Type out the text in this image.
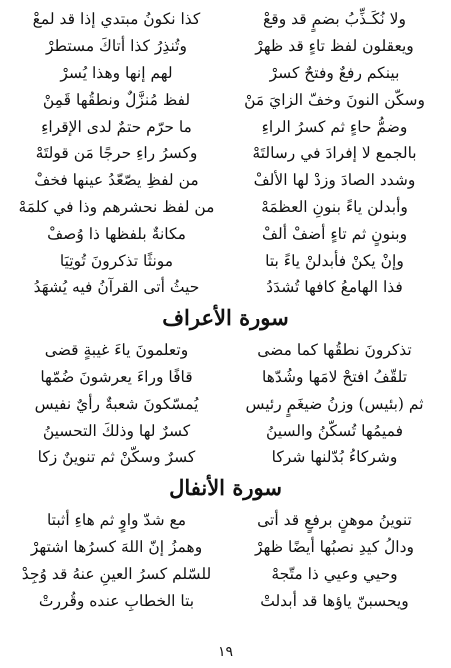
ولا نُكَـذِّبُ بضمٍ قد وقعْ
كذا نكونُ مبتدي إذا قد لمعْ
ويعقلون لفظ تاءٍ قد ظهرْ
وتُنذِرُ كذا أتاكَ مستطرْ
بينكم رفعٌ وفتحٌ كسرْ
لهم إنها وهذا يُسرْ
وسكّن النونَ وخفّ الزايَ مَنْ
لفظ مُنزَّلٌ ونطقُها قَمِنْ
وضمُّ حاءٍ ثم كسرُ الراءِ
ما حرّم حتمٌ لدى الإقراءِ
بالجمع لا إفرادَ في رسالتَهْ
وكسرُ راءِ حرجًا مَن قولتَهْ
وشدد الصادَ وزدْ لها الألفْ
من لفظِ يصّعّدُ عينها فخفْ
وأبدلن ياءً بنونِ العظمَهْ
من لفظ نحشرهم وذا في كلمَهْ
وبنونٍ ثم تاءٍ أضفْ ألفْ
مكانةٌ بلفظها ذا وُصفْ
وإنْ يكنْ فأبدلنْ ياءً بتا
مونثًا تذكرونَ تُوتِيَا
فذا الهامعُ كافها تُشدَدُ
حيثُ أتى القرآنُ فيه يُشهَدُ
سورة الأعراف
تذكرونَ نطقُها كما مضى
وتعلمونَ ياءَ غيبةٍ قضى
تلقّفُ افتحْ لامَها وشُدّها
قافًا وراءَ يعرشونَ ضُمّها
ثم (بئيس) وزنُ ضيغَمٍ رئيس
يُمسّكونَ شعبةٌ رأيٌ نفيس
فميمُها تُسكّنُ والسينُ
كسرٌ لها وذلكَ التحسينُ
وشركاءُ بُدّلنها شركا
كسرٌ وسكّنْ ثم تنوينٌ زكا
سورة الأنفال
تنوينُ موهنٍ برفعٍ قد أتى
مع شدّ واوٍ ثم هاءِ أثبتا
ودالُ كيدِ نصبُها أيضًا ظهرْ
وهمزُ إنّ اللهَ كسرُها اشتهرْ
وحيي وعيي ذا متّجهْ
للسّلم كسرُ العينِ عنهُ قد وُجِدْ
ويحسبنّ ياؤها قد أبدلتْ
بتا الخطابِ عنده وقُررتْ
١٩
